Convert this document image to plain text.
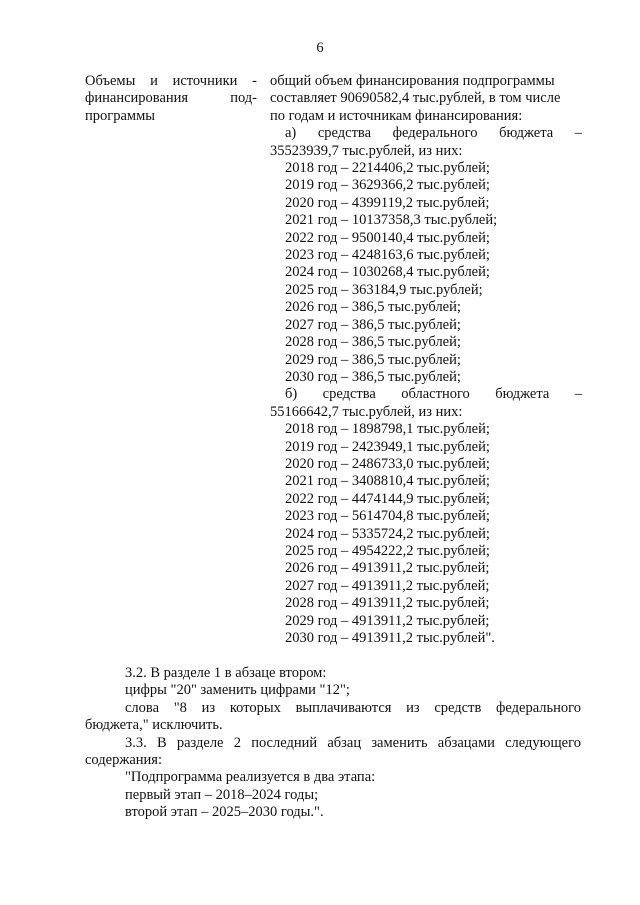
6
Объемы и источники -
финансирования	под-
программы
общий объем финансирования подпрограммы
составляет 90690582,4 тыс.рублей, в том числе
по годам и источникам финансирования:
а) средства федерального бюджета –
35523939,7 тыс.рублей, из них:
2018 год – 2214406,2 тыс.рублей;
2019 год – 3629366,2 тыс.рублей;
2020 год – 4399119,2 тыс.рублей;
2021 год – 10137358,3 тыс.рублей;
2022 год – 9500140,4 тыс.рублей;
2023 год – 4248163,6 тыс.рублей;
2024 год – 1030268,4 тыс.рублей;
2025 год – 363184,9 тыс.рублей;
2026 год – 386,5 тыс.рублей;
2027 год – 386,5 тыс.рублей;
2028 год – 386,5 тыс.рублей;
2029 год – 386,5 тыс.рублей;
2030 год – 386,5 тыс.рублей;
б) средства областного бюджета –
55166642,7 тыс.рублей, из них:
2018 год – 1898798,1 тыс.рублей;
2019 год – 2423949,1 тыс.рублей;
2020 год – 2486733,0 тыс.рублей;
2021 год – 3408810,4 тыс.рублей;
2022 год – 4474144,9 тыс.рублей;
2023 год – 5614704,8 тыс.рублей;
2024 год – 5335724,2 тыс.рублей;
2025 год – 4954222,2 тыс.рублей;
2026 год – 4913911,2 тыс.рублей;
2027 год – 4913911,2 тыс.рублей;
2028 год – 4913911,2 тыс.рублей;
2029 год – 4913911,2 тыс.рублей;
2030 год – 4913911,2 тыс.рублей".
3.2. В разделе 1 в абзаце втором:
цифры "20" заменить цифрами "12";
слова "8 из которых выплачиваются из средств федерального
бюджета," исключить.
3.3. В разделе 2 последний абзац заменить абзацами следующего
содержания:
"Подпрограмма реализуется в два этапа:
первый этап – 2018–2024 годы;
второй этап – 2025–2030 годы.".
